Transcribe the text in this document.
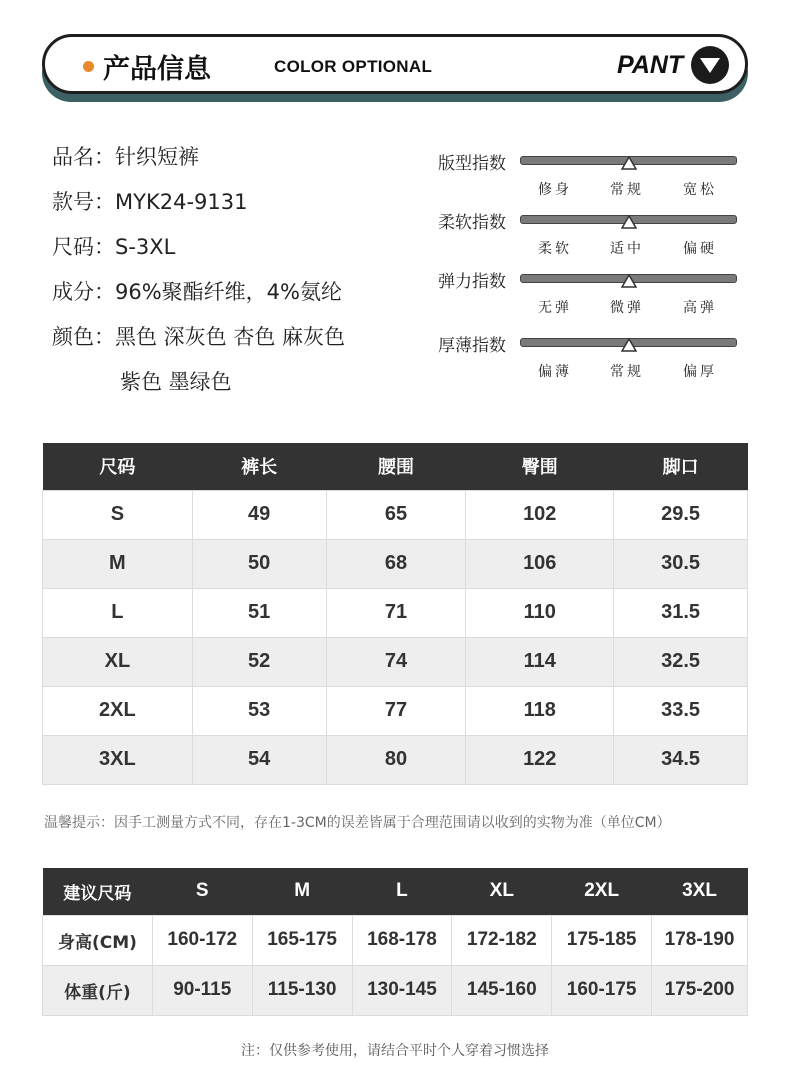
产品信息	COLOR OPTIONAL	PANT
品名：针织短裤
款号：MYK24-9131
尺码：S-3XL
成分：96%聚酯纤维，4%氨纶
颜色：黑色 深灰色 杏色 麻灰色
紫色 墨绿色
版型指数
修身	常规	宽松
柔软指数
柔软	适中	偏硬
弹力指数
无弹	微弹	高弹
厚薄指数
偏薄	常规	偏厚
尺码	裤长	腰围	臀围	脚口
S	49	65	102	29.5
M	50	68	106	30.5
L	51	71	110	31.5
XL	52	74	114	32.5
2XL	53	77	118	33.5
3XL	54	80	122	34.5
温馨提示：因手工测量方式不同，存在1-3CM的误差皆属于合理范围请以收到的实物为准（单位CM）
建议尺码	S	M	L	XL	2XL	3XL
身高(CM)	160-172	165-175	168-178	172-182	175-185	178-190
体重(斤)	90-115	115-130	130-145	145-160	160-175	175-200
注：仅供参考使用，请结合平时个人穿着习惯选择
